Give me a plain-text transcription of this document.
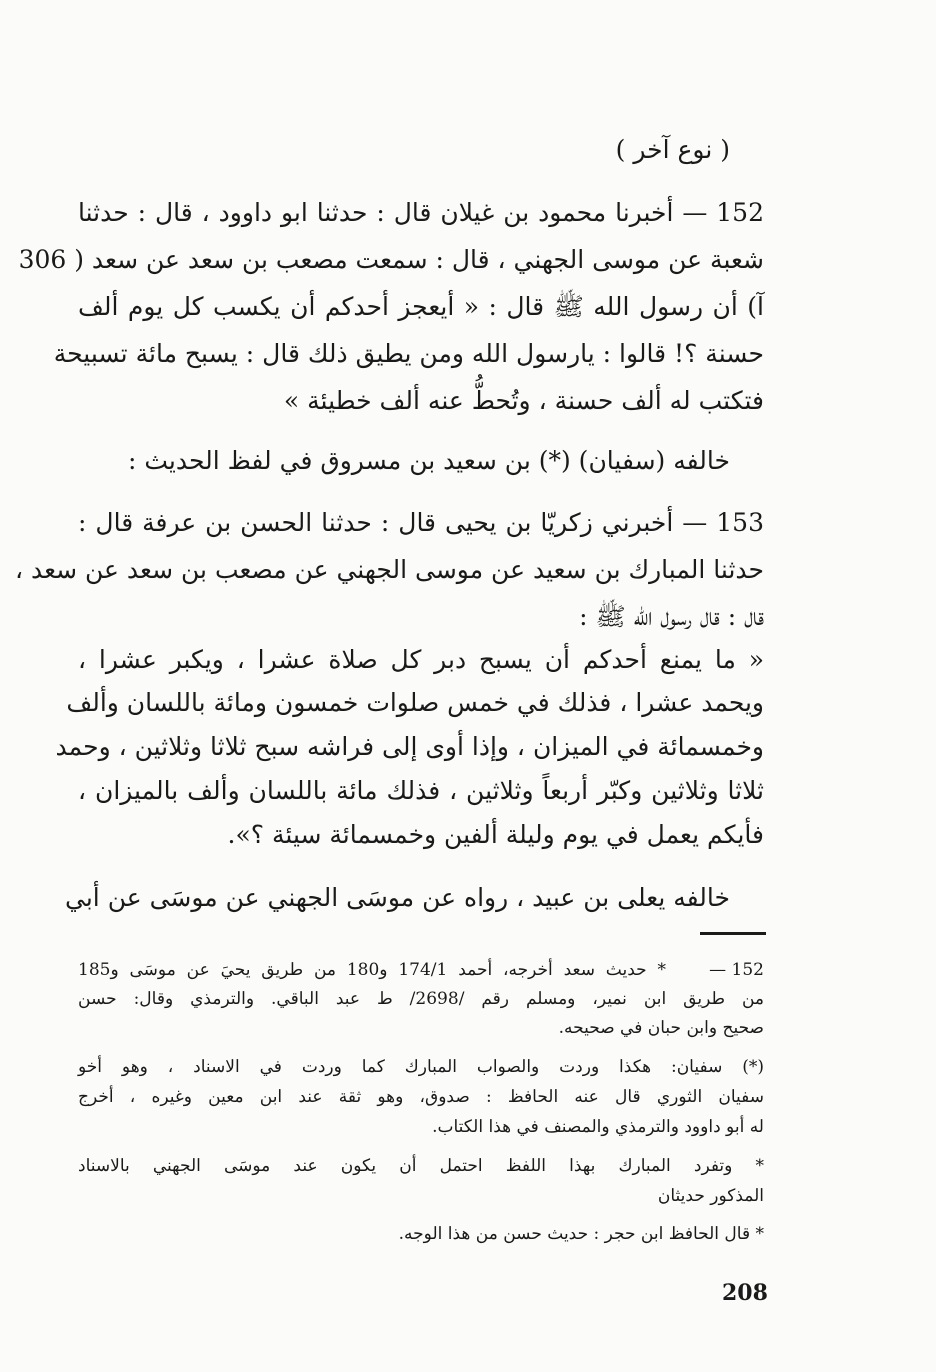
( نوع آخر )
152 — أخبرنا محمود بن غيلان قال : حدثنا ابو داوود ، قال : حدثنا
شعبة عن موسى الجهني ، قال : سمعت مصعب بن سعد عن سعد ( 306
آ) أن رسول الله ﷺ قال : « أيعجز أحدكم أن يكسب كل يوم ألف
حسنة ؟! قالوا : يارسول الله ومن يطيق ذلك قال : يسبح مائة تسبيحة
فتكتب له ألف حسنة ، وتُحطُّ عنه ألف خطيئة »
خالفه (سفيان) (*) بن سعيد بن مسروق في لفظ الحديث :
153 — أخبرني زكريّا بن يحيى قال : حدثنا الحسن بن عرفة قال :
حدثنا المبارك بن سعيد عن موسى الجهني عن مصعب بن سعد عن سعد ،
قال : قال رسول الله ﷺ :
« ما يمنع أحدكم أن يسبح دبر كل صلاة عشرا ، ويكبر عشرا ،
ويحمد عشرا ، فذلك في خمس صلوات خمسون ومائة باللسان وألف
وخمسمائة في الميزان ، وإذا أوى إلى فراشه سبح ثلاثا وثلاثين ، وحمد
ثلاثا وثلاثين وكبّر أربعاً وثلاثين ، فذلك مائة باللسان وألف بالميزان ،
فأيكم يعمل في يوم وليلة ألفين وخمسمائة سيئة ؟».
خالفه يعلى بن عبيد ، رواه عن موسَى الجهني عن موسَى عن أبي
152 —
* حديث سعد أخرجه، أحمد 174/1 و180 من طريق يحيَ عن موسَى و185
من طريق ابن نمير، ومسلم رقم /2698/ ط عبد الباقي. والترمذي وقال: حسن
صحيح وابن حبان في صحيحه.
(*) سفيان: هكذا وردت والصواب المبارك كما وردت في الاسناد ، وهو أخو
سفيان الثوري قال عنه الحافظ : صدوق، وهو ثقة عند ابن معين وغيره ، أخرج
له أبو داوود والترمذي والمصنف في هذا الكتاب.
* وتفرد المبارك بهذا اللفظ احتمل أن يكون عند موسَى الجهني بالاسناد
المذكور حديثان
* قال الحافظ ابن حجر : حديث حسن من هذا الوجه.
208
